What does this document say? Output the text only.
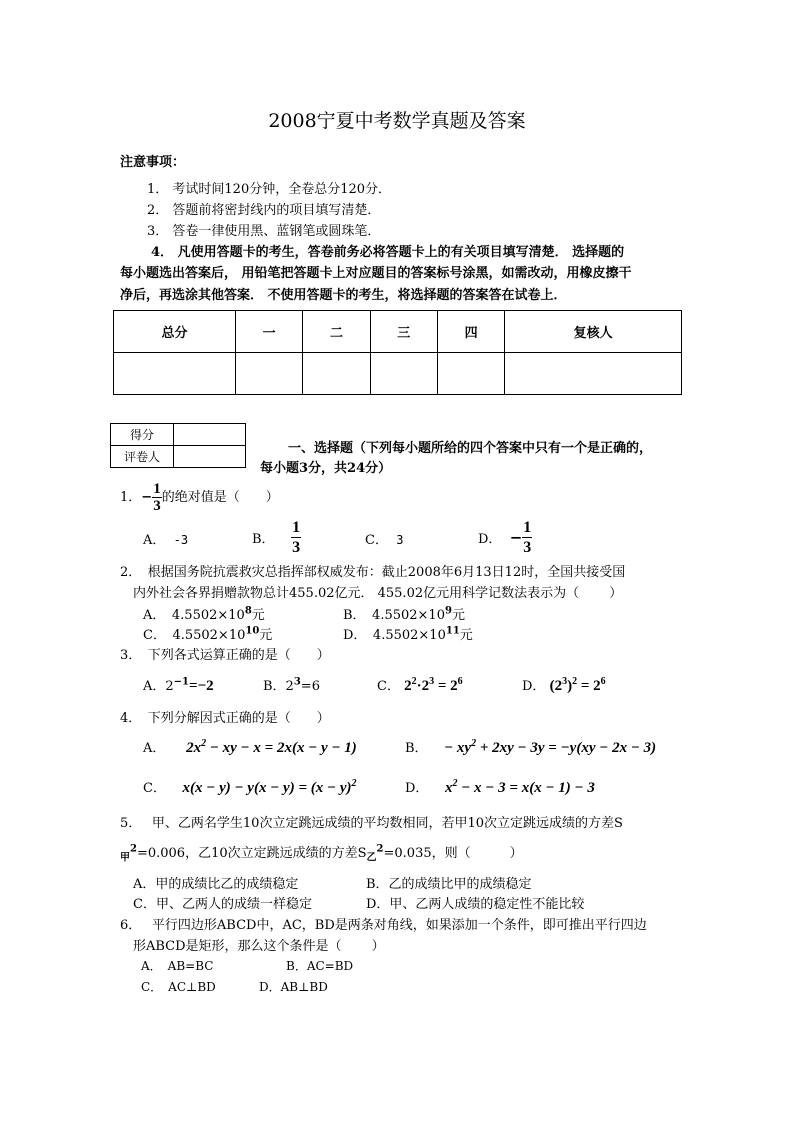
2008宁夏中考数学真题及答案
注意事项：
1． 考试时间120分钟，全卷总分120分．
2． 答题前将密封线内的项目填写清楚．
3． 答卷一律使用黑、蓝钢笔或圆珠笔．
4． 凡使用答题卡的考生，答卷前务必将答题卡上的有关项目填写清楚． 选择题的
每小题选出答案后， 用铅笔把答题卡上对应题目的答案标号涂黑，如需改动，用橡皮擦干
净后，再选涂其他答案． 不使用答题卡的考生，将选择题的答案答在试卷上．
总分	一	二	三	四	复核人

得分	
评卷人	
一、选择题（下列每小题所给的四个答案中只有一个是正确的，
每小题3分，共24分）
1．− $\frac{1}{3}$ 的绝对值是（　　）
A． -3	B． $\frac{1}{3}$	C． 3	D． − $\frac{1}{3}$
2．　根据国务院抗震救灾总指挥部权威发布：截止2008年6月13日12时，全国共接受国
内外社会各界捐赠款物总计455.02亿元． 455.02亿元用科学记数法表示为（　　 ）
A．　$4.5502\times 10^8$元	B．　$4.5502\times 10^9$元
C．　$4.5502\times 10^{10}$元	D．　$4.5502\times 10^{11}$元
3．　下列各式运算正确的是（　　）
A．$2^{-1}=-2$	B．$2^3=6$	C． $2^2\cdot 2^3 = 2^6$	D． $(2^3)^2 = 2^6$
4．　下列分解因式正确的是（　　）
A． $2x^2$ − xy − x = 2x(x − y − 1)	B． − $xy^2 + 2xy - 3y = -y(xy - 2x - 3)$
C． $x(x - y) - y(x - y) = (x - y)^2$	D． $x^2 - x - 3 = x(x - 1) - 3$
5．　 甲、乙两名学生10次立定跳远成绩的平均数相同，若甲10次立定跳远成绩的方差S
$_甲^2$=0.006，乙10次立定跳远成绩的方差$S_乙^2=0.035$，则（　　　）
A．甲的成绩比乙的成绩稳定	B．乙的成绩比甲的成绩稳定
C．甲、乙两人的成绩一样稳定	D．甲、乙两人成绩的稳定性不能比较
6．　 平行四边形ABCD中，AC，BD是两条对角线，如果添加一个条件，即可推出平行四边
形ABCD是矩形，那么这个条件是（　　 ）
A．　AB=BC	B．AC=BD
C．　AC⊥BD	D．AB⊥BD
